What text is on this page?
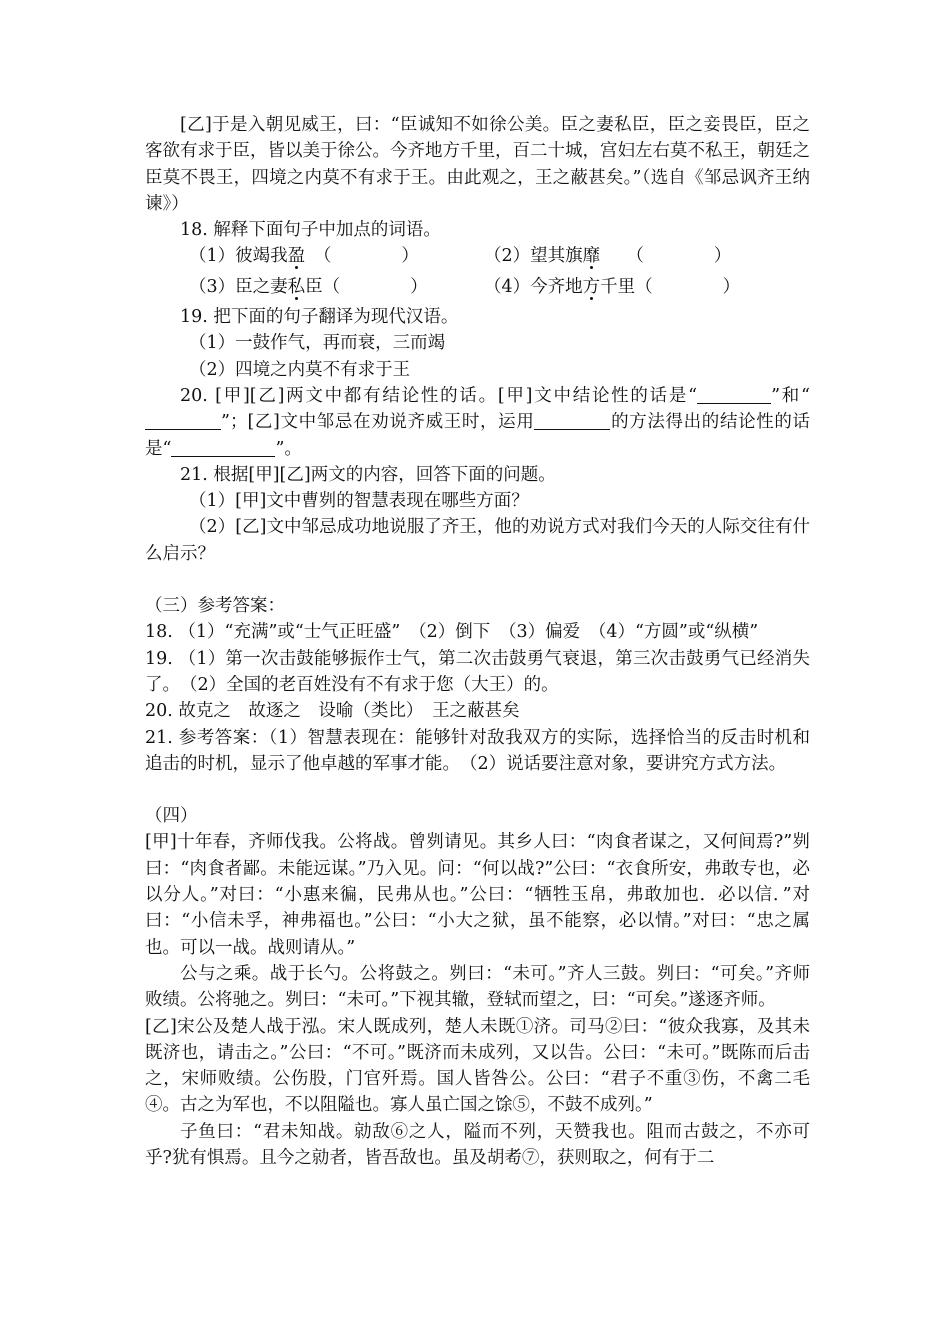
[乙]于是入朝见威王，曰：“臣诚知不如徐公美。臣之妻私臣，臣之妾畏臣，臣之客欲有求于臣，皆以美于徐公。今齐地方千里，百二十城，宫妇左右莫不私王，朝廷之臣莫不畏王，四境之内莫不有求于王。由此观之，王之蔽甚矣。”（选自《邹忌讽齐王纳谏》）

18. 解释下面句子中加点的词语。

（1）彼竭我盈　（　　　　）	（2）望其旗靡　　（　　　　）
（3）臣之妻私臣（　　　　）	（4）今齐地方千里（　　　　）

19. 把下面的句子翻译为现代汉语。

（1）一鼓作气，再而衰，三而竭

（2）四境之内莫不有求于王

20. [甲][乙]两文中都有结论性的话。[甲]文中结论性的话是“	”和“”；[乙]文中邹忌在劝说齐威王时，运用	的方法得出的结论性的话是“	”。

21. 根据[甲][乙]两文的内容，回答下面的问题。

（1）[甲]文中曹刿的智慧表现在哪些方面？

（2）[乙]文中邹忌成功地说服了齐王，他的劝说方式对我们今天的人际交往有什么启示？

（三）参考答案：

18. （1）“充满”或“士气正旺盛”　（2）倒下　（3）偏爱　（4）“方圆”或“纵横”

19. （1）第一次击鼓能够振作士气，第二次击鼓勇气衰退，第三次击鼓勇气已经消失了。　（2）全国的老百姓没有不有求于您（大王）的。

20. 故克之　故逐之　设喻（类比）　王之蔽甚矣

21. 参考答案：（1）智慧表现在：能够针对敌我双方的实际，选择恰当的反击时机和追击的时机，显示了他卓越的军事才能。　（2）说话要注意对象，要讲究方式方法。

（四）

[甲]十年春，齐师伐我。公将战。曾刿请见。其乡人曰：“肉食者谋之，又何间焉?”刿曰：“肉食者鄙。未能远谋。”乃入见。问：“何以战?”公曰：“衣食所安，弗敢专也，必以分人。”对曰：“小惠来徧，民弗从也。”公曰：“牺牲玉帛，弗敢加也．必以信．”对曰：“小信未孚，神弗福也。”公曰：“小大之狱，虽不能察，必以情。”对曰：“忠之属也。可以一战。战则请从。”

公与之乘。战于长勺。公将鼓之。刿曰：“未可。”齐人三鼓。刿曰：“可矣。”齐师败绩。公将驰之。刿曰：“未可。”下视其辙，登轼而望之，曰：“可矣。”遂逐齐师。

[乙]宋公及楚人战于泓。宋人既成列，楚人未既①济。司马②曰：“彼众我寡，及其未既济也，请击之。”公曰：“不可。”既济而未成列，又以告。公曰：“未可。”既陈而后击之，宋师败绩。公伤股，门官歼焉。国人皆咎公。公曰：“君子不重③伤，不禽二毛④。古之为军也，不以阻隘也。寡人虽亡国之馀⑤，不鼓不成列。”

子鱼曰：“君未知战。勍敌⑥之人，隘而不列，天赞我也。阻而古鼓之，不亦可乎?犹有惧焉。且今之勍者，皆吾敌也。虽及胡耇⑦，获则取之，何有于二
